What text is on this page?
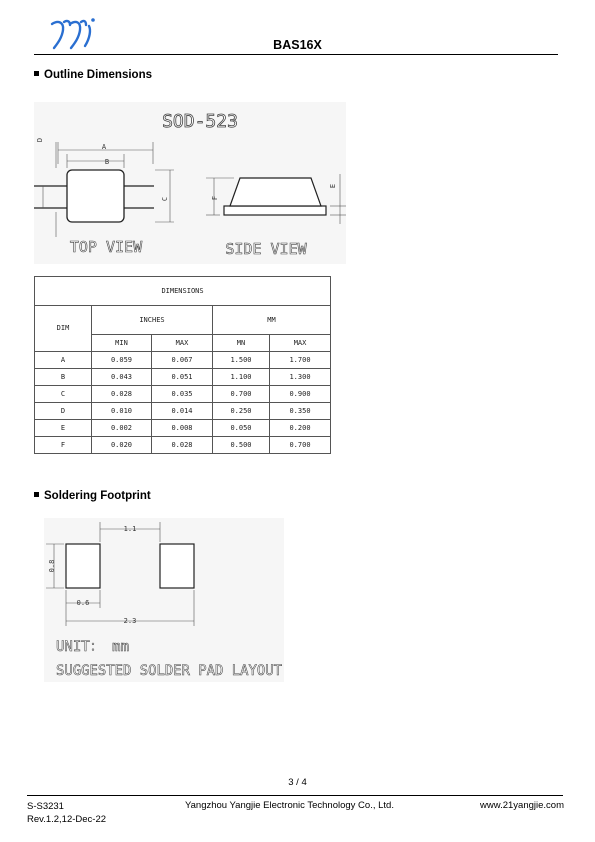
BAS16X
Outline Dimensions
SOD-523
A
B
C
D
TOP VIEW
F
E
SIDE VIEW
DIMENSIONS				
DIM	INCHES		MM	
	MIN	MAX	MN	MAX
A	0.059	0.067	1.500	1.700
B	0.043	0.051	1.100	1.300
C	0.028	0.035	0.700	0.900
D	0.010	0.014	0.250	0.350
E	0.002	0.008	0.050	0.200
F	0.020	0.028	0.500	0.700
Soldering Footprint
1.1
0.8
0.6
2.3
UNIT： mm
SUGGESTED SOLDER PAD LAYOUT
3 / 4
S-S3231
Rev.1.2,12-Dec-22
Yangzhou Yangjie Electronic Technology Co., Ltd.	www.21yangjie.com
